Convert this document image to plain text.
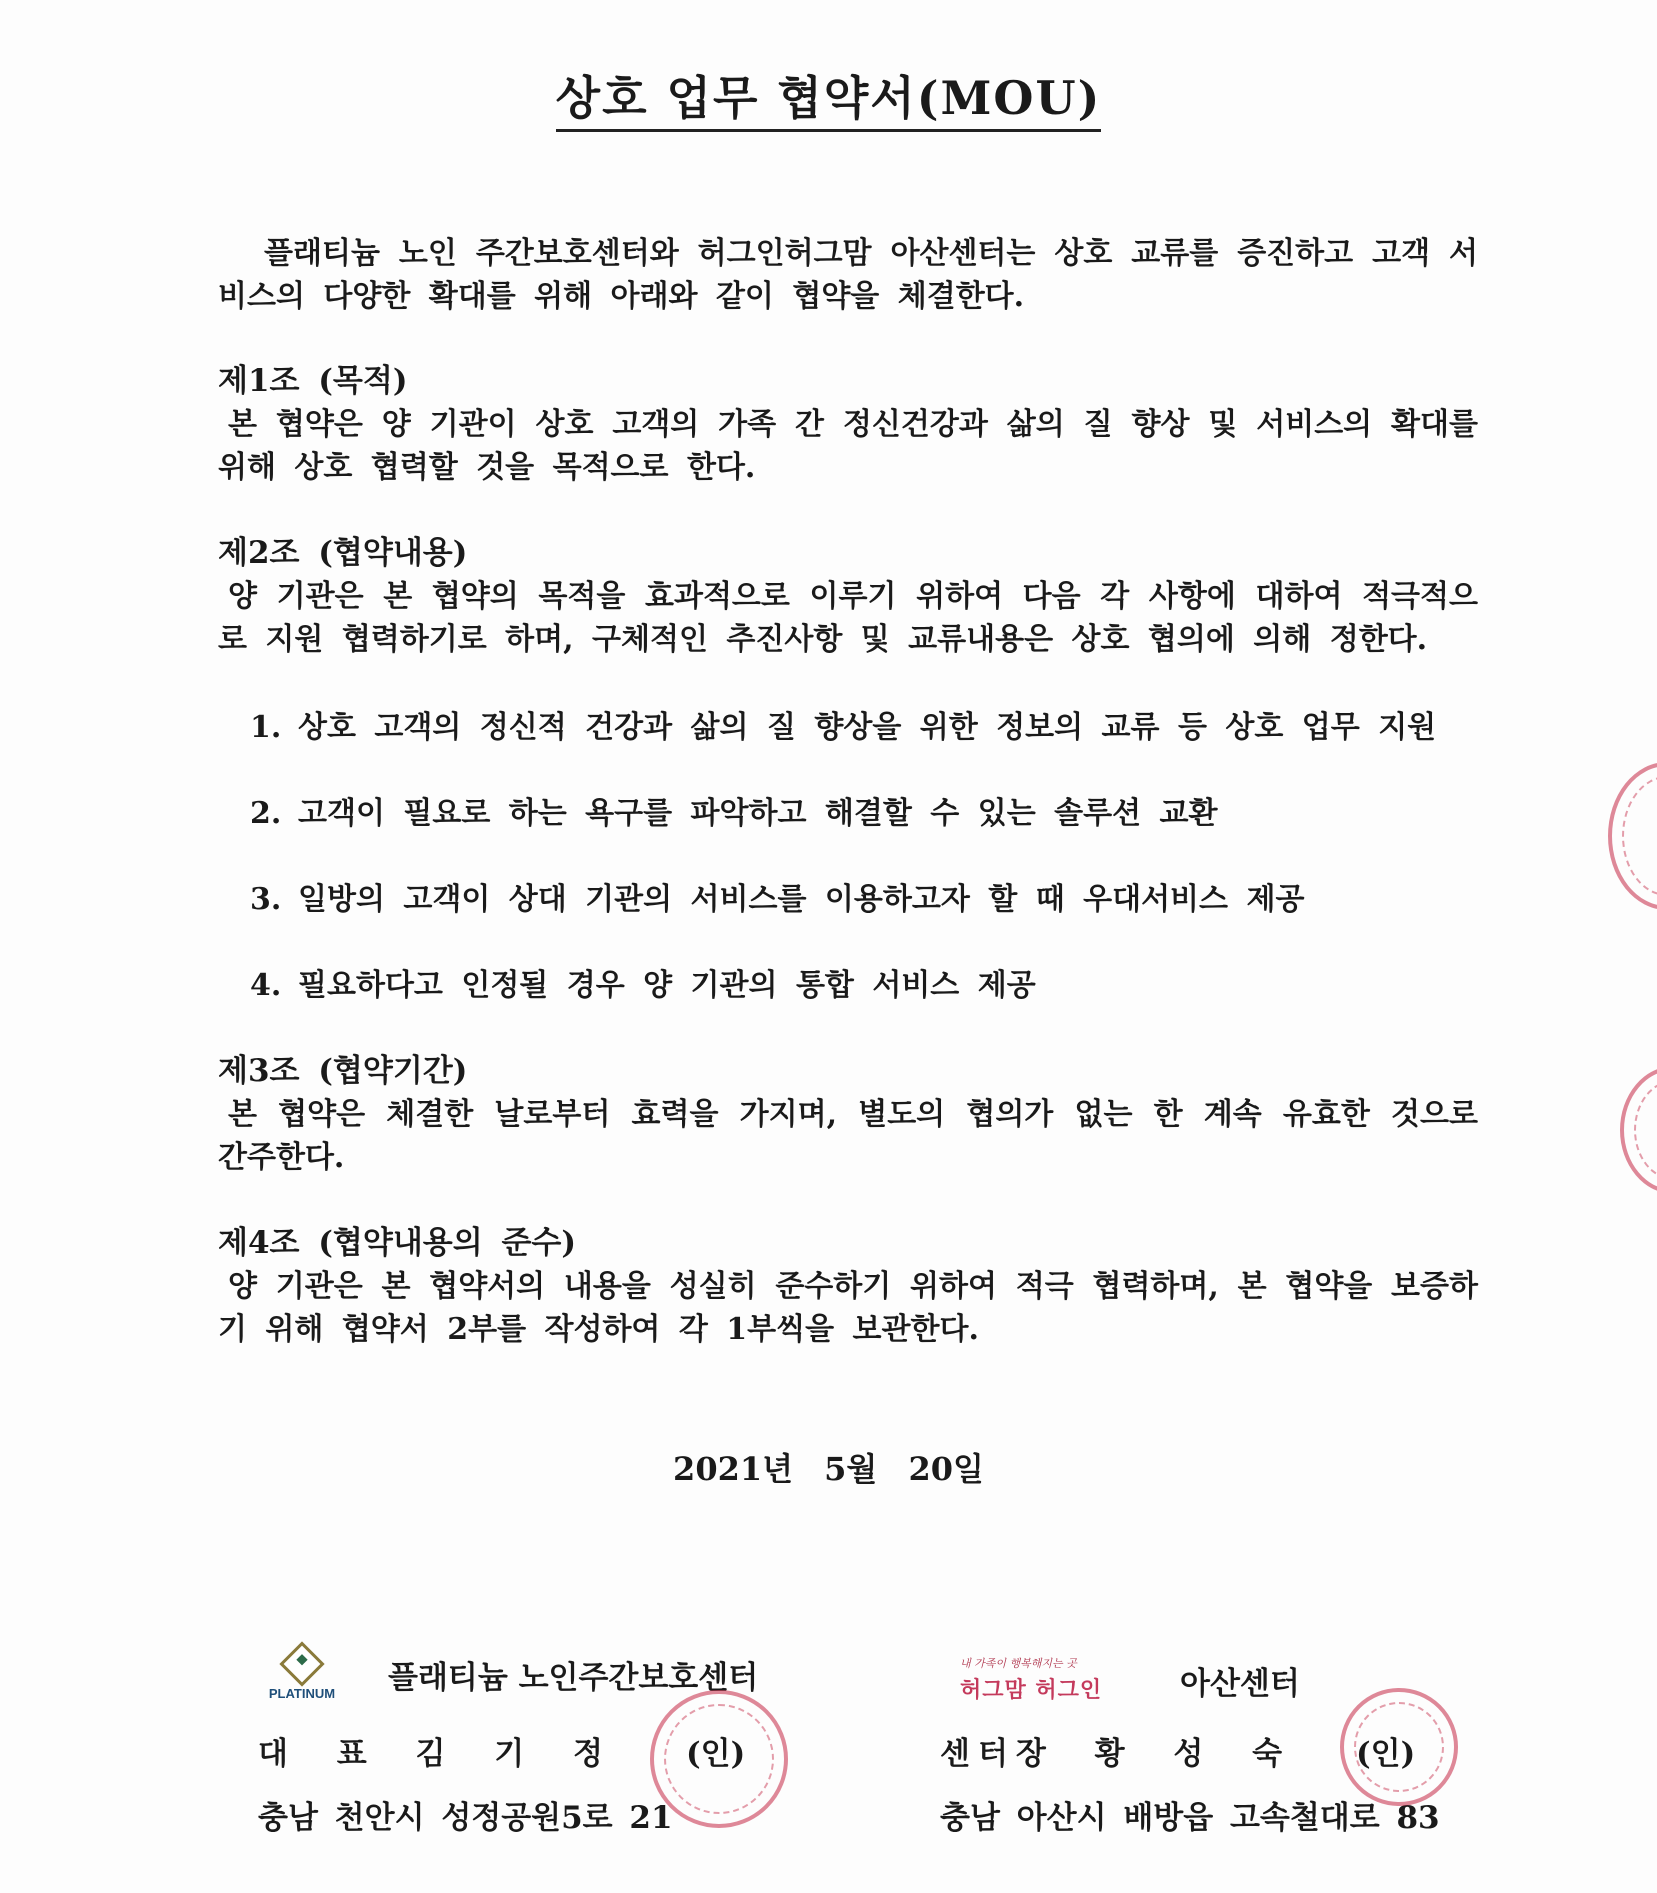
상호 업무 협약서(MOU)
플래티늄 노인 주간보호센터와 허그인허그맘 아산센터는 상호 교류를 증진하고 고객 서비스의 다양한 확대를 위해 아래와 같이 협약을 체결한다.
제1조 (목적)
본 협약은 양 기관이 상호 고객의 가족 간 정신건강과 삶의 질 향상 및 서비스의 확대를 위해 상호 협력할 것을 목적으로 한다.
제2조 (협약내용)
양 기관은 본 협약의 목적을 효과적으로 이루기 위하여 다음 각 사항에 대하여 적극적으로 지원 협력하기로 하며, 구체적인 추진사항 및 교류내용은 상호 협의에 의해 정한다.
1. 상호 고객의 정신적 건강과 삶의 질 향상을 위한 정보의 교류 등 상호 업무 지원
2. 고객이 필요로 하는 욕구를 파악하고 해결할 수 있는 솔루션 교환
3. 일방의 고객이 상대 기관의 서비스를 이용하고자 할 때 우대서비스 제공
4. 필요하다고 인정될 경우 양 기관의 통합 서비스 제공
제3조 (협약기간)
본 협약은 체결한 날로부터 효력을 가지며, 별도의 협의가 없는 한 계속 유효한 것으로 간주한다.
제4조 (협약내용의 준수)
양 기관은 본 협약서의 내용을 성실히 준수하기 위하여 적극 협력하며, 본 협약을 보증하기 위해 협약서 2부를 작성하여 각 1부씩을 보관한다.
2021년 5월 20일
PLATINUM 플래티늄 노인주간보호센터
대 표 김 기 정 (인)
충남 천안시 성정공원5로 21
내 가족이 행복해지는 곳
허그맘 허그인	아산센터
센터장 황 성 숙 (인)
충남 아산시 배방읍 고속철대로 83
